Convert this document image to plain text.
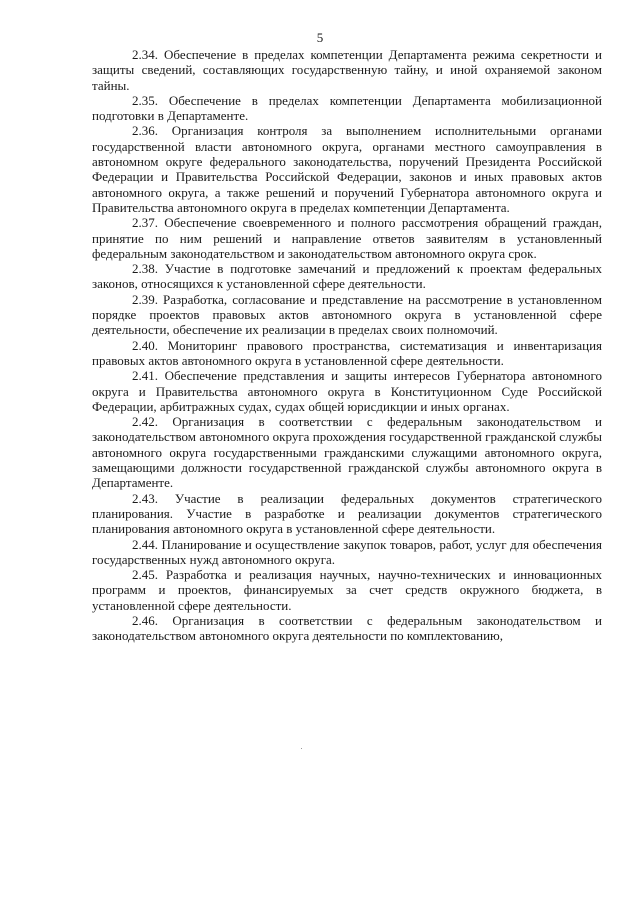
5

2.34. Обеспечение в пределах компетенции Департамента режима секретности и защиты сведений, составляющих государственную тайну, и иной охраняемой законом тайны.

2.35. Обеспечение в пределах компетенции Департамента мобилизационной подготовки в Департаменте.

2.36. Организация контроля за выполнением исполнительными органами государственной власти автономного округа, органами местного самоуправления в автономном округе федерального законодательства, поручений Президента Российской Федерации и Правительства Российской Федерации, законов и иных правовых актов автономного округа, а также решений и поручений Губернатора автономного округа и Правительства автономного округа в пределах компетенции Департамента.

2.37. Обеспечение своевременного и полного рассмотрения обращений граждан, принятие по ним решений и направление ответов заявителям в установленный федеральным законодательством и законодательством автономного округа срок.

2.38. Участие в подготовке замечаний и предложений к проектам федеральных законов, относящихся к установленной сфере деятельности.

2.39. Разработка, согласование и представление на рассмотрение в установленном порядке проектов правовых актов автономного округа в установленной сфере деятельности, обеспечение их реализации в пределах своих полномочий.

2.40. Мониторинг правового пространства, систематизация и инвентаризация правовых актов автономного округа в установленной сфере деятельности.

2.41. Обеспечение представления и защиты интересов Губернатора автономного округа и Правительства автономного округа в Конституционном Суде Российской Федерации, арбитражных судах, судах общей юрисдикции и иных органах.

2.42. Организация в соответствии с федеральным законодательством и законодательством автономного округа прохождения государственной гражданской службы автономного округа государственными гражданскими служащими автономного округа, замещающими должности государственной гражданской службы автономного округа в Департаменте.

2.43. Участие в реализации федеральных документов стратегического планирования. Участие в разработке и реализации документов стратегического планирования автономного округа в установленной сфере деятельности.

2.44. Планирование и осуществление закупок товаров, работ, услуг для обеспечения государственных нужд автономного округа.

2.45. Разработка и реализация научных, научно-технических и инновационных программ и проектов, финансируемых за счет средств окружного бюджета, в установленной сфере деятельности.

2.46. Организация в соответствии с федеральным законодательством и законодательством автономного округа деятельности по комплектованию,
